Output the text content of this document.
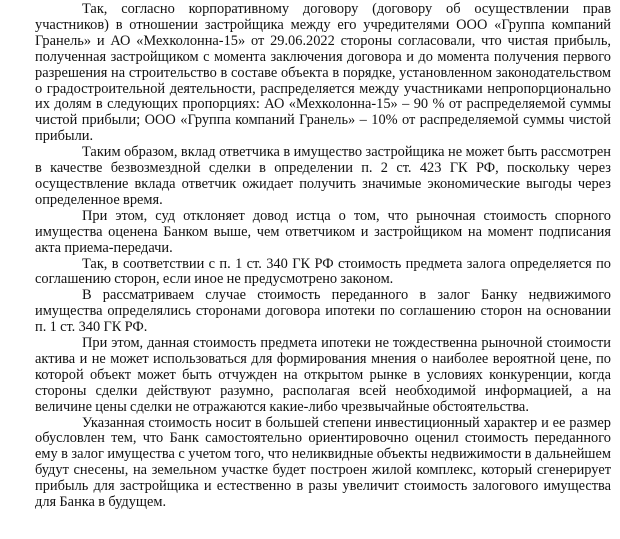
Так, согласно корпоративному договору (договору об осуществлении прав участников) в отношении застройщика между его учредителями ООО «Группа компаний Гранель» и АО «Мехколонна-15» от 29.06.2022 стороны согласовали, что чистая прибыль, полученная застройщиком с момента заключения договора и до момента получения первого разрешения на строительство в составе объекта в порядке, установленном законодательством о градостроительной деятельности, распределяется между участниками непропорционально их долям в следующих пропорциях: АО «Мехколонна-15» – 90 % от распределяемой суммы чистой прибыли; ООО «Группа компаний Гранель» – 10% от распределяемой суммы чистой прибыли.

Таким образом, вклад ответчика в имущество застройщика не может быть рассмотрен в качестве безвозмездной сделки в определении п. 2 ст. 423 ГК РФ, поскольку через осуществление вклада ответчик ожидает получить значимые экономические выгоды через определенное время.

При этом, суд отклоняет довод истца о том, что рыночная стоимость спорного имущества оценена Банком выше, чем ответчиком и застройщиком на момент подписания акта приема-передачи.

Так, в соответствии с п. 1 ст. 340 ГК РФ стоимость предмета залога определяется по соглашению сторон, если иное не предусмотрено законом.

В рассматриваем случае стоимость переданного в залог Банку недвижимого имущества определялись сторонами договора ипотеки по соглашению сторон на основании п. 1 ст. 340 ГК РФ.

При этом, данная стоимость предмета ипотеки не тождественна рыночной стоимости актива и не может использоваться для формирования мнения о наиболее вероятной цене, по которой объект может быть отчужден на открытом рынке в условиях конкуренции, когда стороны сделки действуют разумно, располагая всей необходимой информацией, а на величине цены сделки не отражаются какие-либо чрезвычайные обстоятельства.

Указанная стоимость носит в большей степени инвестиционный характер и ее размер обусловлен тем, что Банк самостоятельно ориентировочно оценил стоимость переданного ему в залог имущества с учетом того, что неликвидные объекты недвижимости в дальнейшем будут снесены, на земельном участке будет построен жилой комплекс, который сгенерирует прибыль для застройщика и естественно в разы увеличит стоимость залогового имущества для Банка в будущем.
